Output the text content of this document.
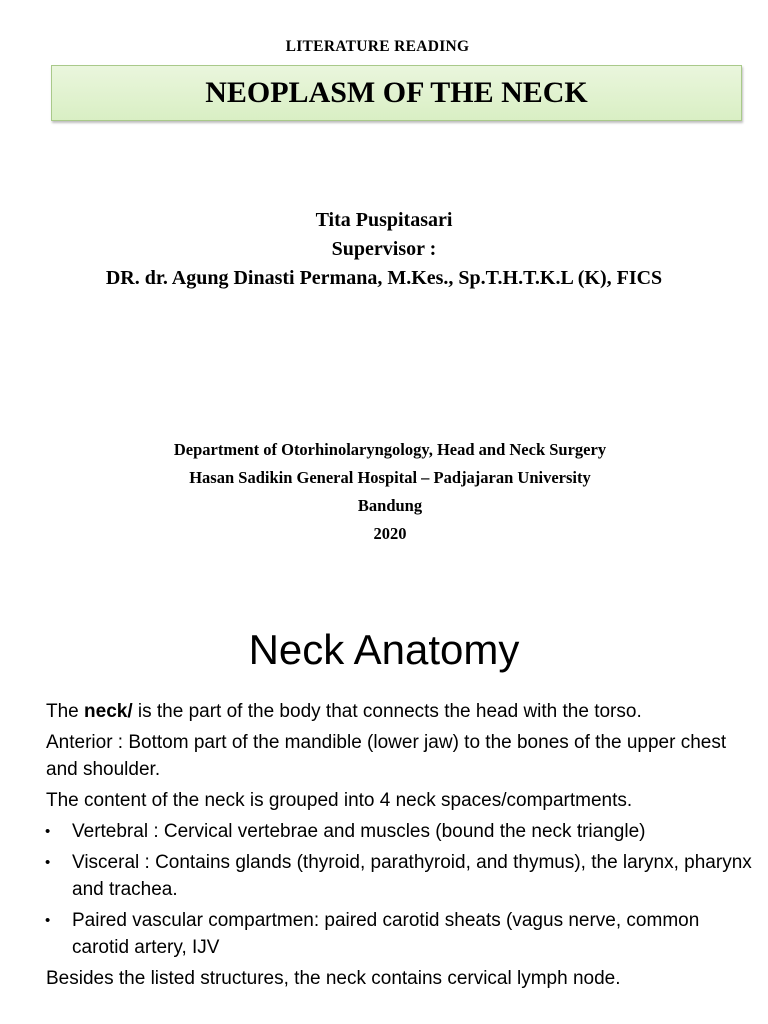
LITERATURE READING
NEOPLASM OF THE NECK
Tita Puspitasari
Supervisor :
DR. dr. Agung Dinasti Permana, M.Kes., Sp.T.H.T.K.L (K), FICS
Department of Otorhinolaryngology, Head and Neck Surgery
Hasan Sadikin General Hospital – Padjajaran University
Bandung
2020
Neck Anatomy

The neck/ is the part of the body that connects the head with the torso.

Anterior : Bottom part of the mandible (lower jaw) to the bones of the upper chest and shoulder.

The content of the neck is grouped into 4 neck spaces/compartments.

• Vertebral : Cervical vertebrae and muscles (bound the neck triangle)
• Visceral : Contains glands (thyroid, parathyroid, and thymus), the larynx, pharynx and trachea.
• Paired vascular compartmen: paired carotid sheats (vagus nerve, common carotid artery, IJV

Besides the listed structures, the neck contains cervical lymph node.
